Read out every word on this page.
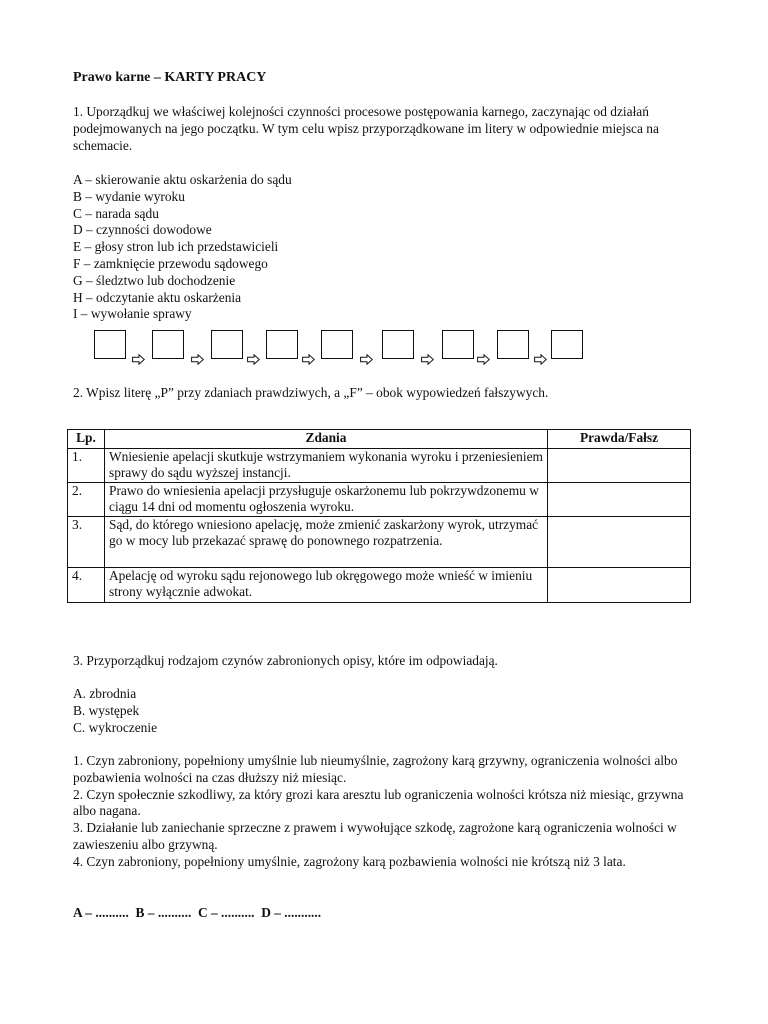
Prawo karne – KARTY PRACY
1. Uporządkuj we właściwej kolejności czynności procesowe postępowania karnego, zaczynając od działań podejmowanych na jego początku. W tym celu wpisz przyporządkowane im litery w odpowiednie miejsca na schemacie.
A – skierowanie aktu oskarżenia do sądu
B – wydanie wyroku
C – narada sądu
D – czynności dowodowe
E – głosy stron lub ich przedstawicieli
F – zamknięcie przewodu sądowego
G – śledztwo lub dochodzenie
H – odczytanie aktu oskarżenia
I – wywołanie sprawy
2. Wpisz literę „P” przy zdaniach prawdziwych, a „F” – obok wypowiedzeń fałszywych.
Lp.	Zdania	Prawda/Fałsz
1.	Wniesienie apelacji skutkuje wstrzymaniem wykonania wyroku i przeniesieniem sprawy do sądu wyższej instancji.	
2.	Prawo do wniesienia apelacji przysługuje oskarżonemu lub pokrzywdzonemu w ciągu 14 dni od momentu ogłoszenia wyroku.	
3.	Sąd, do którego wniesiono apelację, może zmienić zaskarżony wyrok, utrzymać go w mocy lub przekazać sprawę do ponownego rozpatrzenia.	
4.	Apelację od wyroku sądu rejonowego lub okręgowego może wnieść w imieniu strony wyłącznie adwokat.	
3. Przyporządkuj rodzajom czynów zabronionych opisy, które im odpowiadają.
A. zbrodnia
B. występek
C. wykroczenie
1. Czyn zabroniony, popełniony umyślnie lub nieumyślnie, zagrożony karą grzywny, ograniczenia wolności albo pozbawienia wolności na czas dłuższy niż miesiąc.
2. Czyn społecznie szkodliwy, za który grozi kara aresztu lub ograniczenia wolności krótsza niż miesiąc, grzywna albo nagana.
3. Działanie lub zaniechanie sprzeczne z prawem i wywołujące szkodę, zagrożone karą ograniczenia wolności w zawieszeniu albo grzywną.
4. Czyn zabroniony, popełniony umyślnie, zagrożony karą pozbawienia wolności nie krótszą niż 3 lata.
A – ..........  B – ..........  C – ..........  D – ...........
